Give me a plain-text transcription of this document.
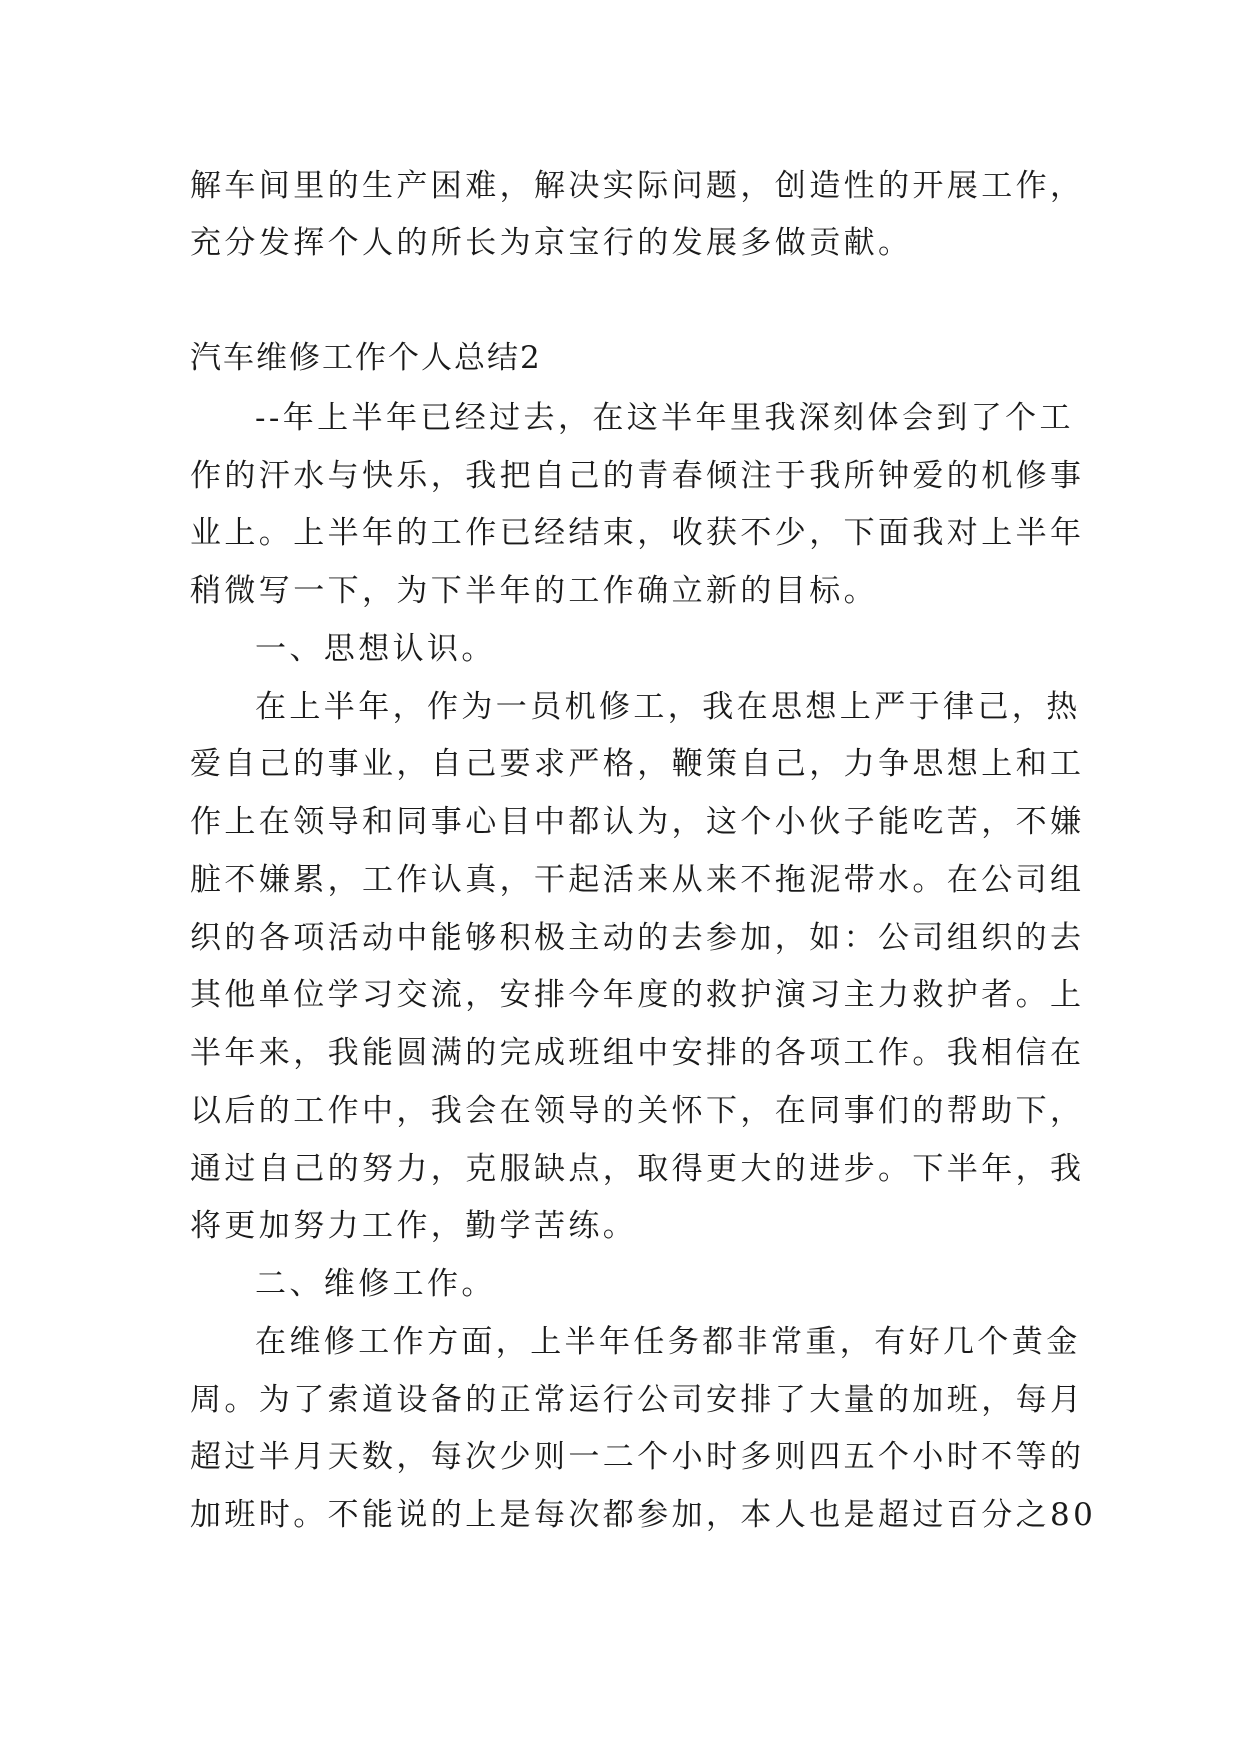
解车间里的生产困难，解决实际问题，创造性的开展工作，
充分发挥个人的所长为京宝行的发展多做贡献。
汽车维修工作个人总结2
--年上半年已经过去，在这半年里我深刻体会到了个工
作的汗水与快乐，我把自己的青春倾注于我所钟爱的机修事
业上。上半年的工作已经结束，收获不少，下面我对上半年
稍微写一下，为下半年的工作确立新的目标。
一、思想认识。
在上半年，作为一员机修工，我在思想上严于律己，热
爱自己的事业，自己要求严格，鞭策自己，力争思想上和工
作上在领导和同事心目中都认为，这个小伙子能吃苦，不嫌
脏不嫌累，工作认真，干起活来从来不拖泥带水。在公司组
织的各项活动中能够积极主动的去参加，如：公司组织的去
其他单位学习交流，安排今年度的救护演习主力救护者。上
半年来，我能圆满的完成班组中安排的各项工作。我相信在
以后的工作中，我会在领导的关怀下，在同事们的帮助下，
通过自己的努力，克服缺点，取得更大的进步。下半年，我
将更加努力工作，勤学苦练。
二、维修工作。
在维修工作方面，上半年任务都非常重，有好几个黄金
周。为了索道设备的正常运行公司安排了大量的加班，每月
超过半月天数，每次少则一二个小时多则四五个小时不等的
加班时。不能说的上是每次都参加，本人也是超过百分之80
